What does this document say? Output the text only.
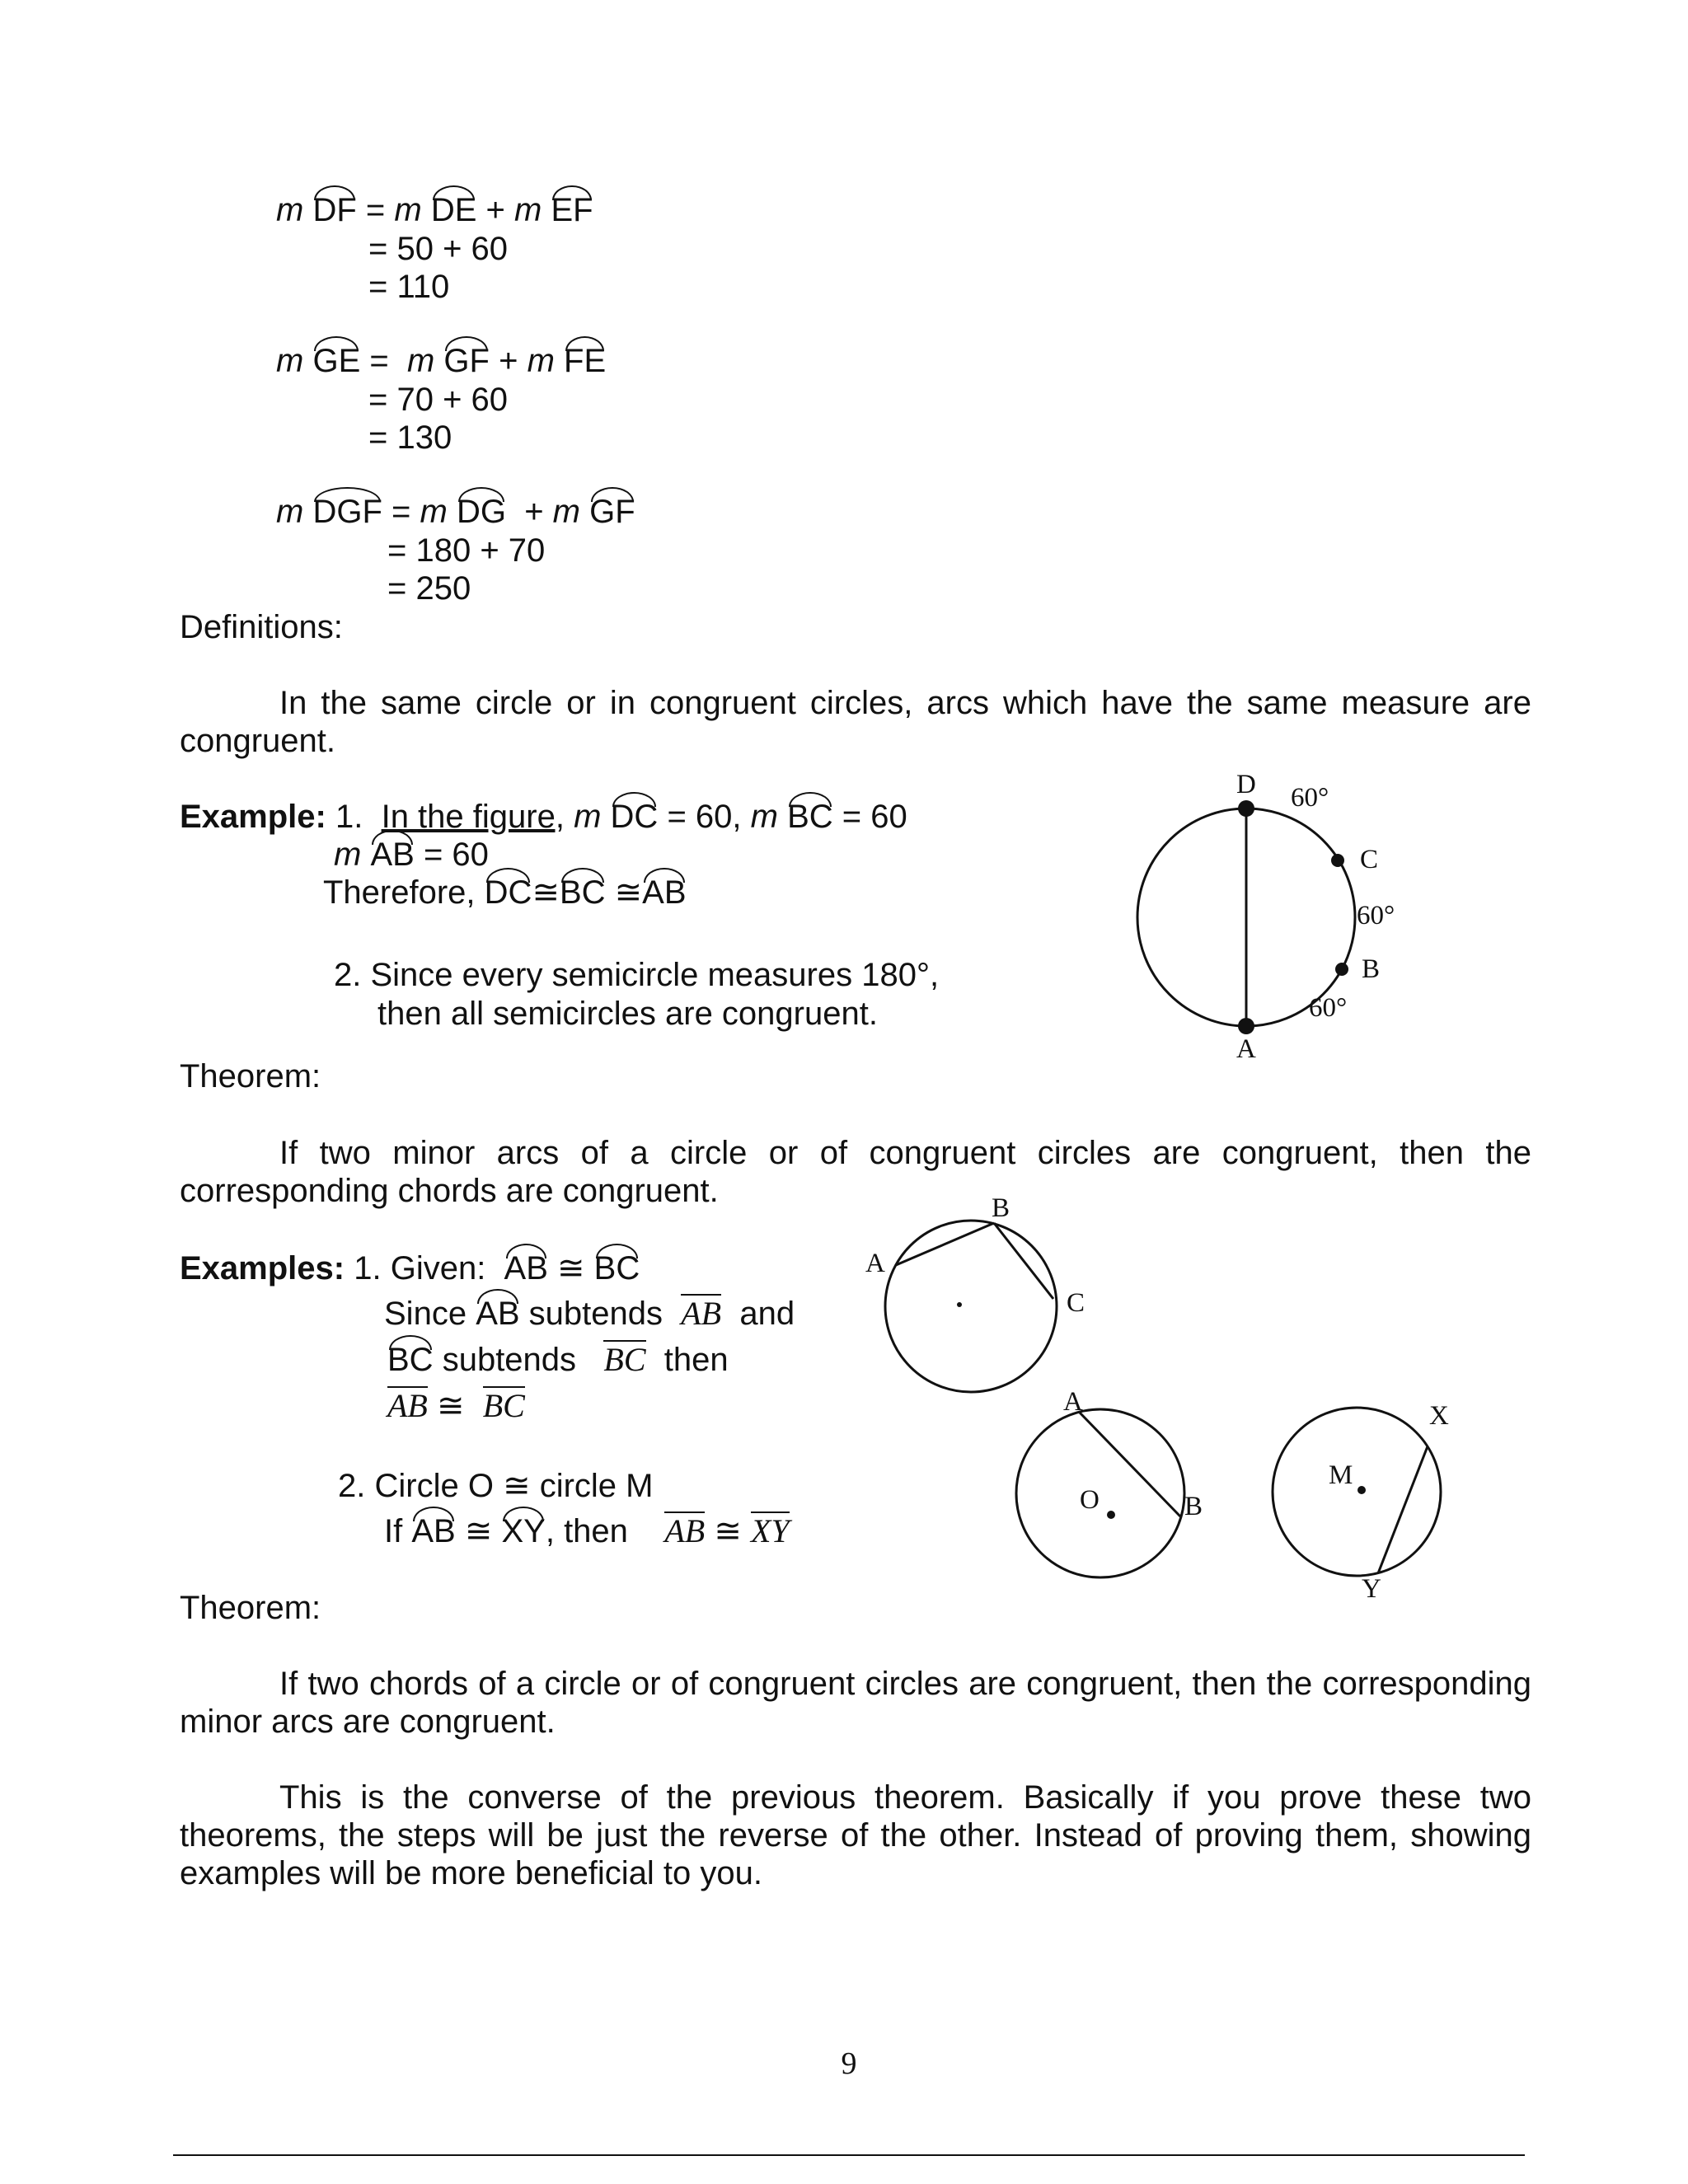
m DF = m DE + m EF
= 50 + 60
= 110
m GE = m GF + m FE
= 70 + 60
= 130
m DGF = m DG + m GF
= 180 + 70
= 250
Definitions:
In the same circle or in congruent circles, arcs which have the same measure are congruent.
Example: 1. In the figure, m DC = 60, m BC = 60
m AB = 60
Therefore, DC≅BC ≅AB
2. Since every semicircle measures 180°,
then all semicircles are congruent.
D 60°
C
60°
B
60°
A
Theorem:
If two minor arcs of a circle or of congruent circles are congruent, then the corresponding chords are congruent.
Examples: 1. Given: AB ≅ BC
Since AB subtends AB and
BC subtends BC then
AB ≅ BC
2. Circle O ≅ circle M
If AB ≅ XY, then AB ≅ XY
A
B
C
A
B
O
M
X
Y
Theorem:
If two chords of a circle or of congruent circles are congruent, then the corresponding minor arcs are congruent.
This is the converse of the previous theorem. Basically if you prove these two theorems, the steps will be just the reverse of the other. Instead of proving them, showing examples will be more beneficial to you.
9
